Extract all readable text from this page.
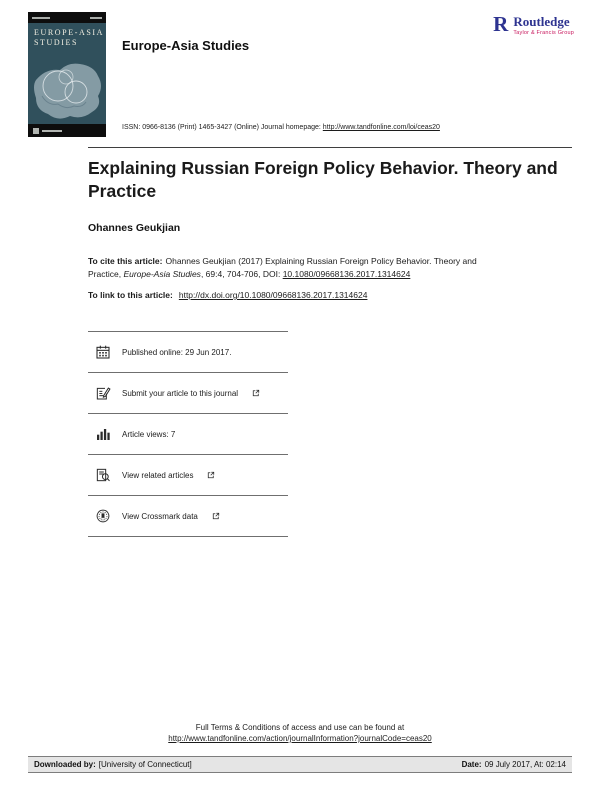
EUROPE-ASIA
STUDIES	Europe-Asia Studies
R Routledge
Taylor & Francis Group
ISSN: 0966-8136 (Print) 1465-3427 (Online) Journal homepage: http://www.tandfonline.com/loi/ceas20
Explaining Russian Foreign Policy Behavior. Theory and Practice
Ohannes Geukjian

To cite this article: Ohannes Geukjian (2017) Explaining Russian Foreign Policy Behavior. Theory and Practice, Europe-Asia Studies, 69:4, 704-706, DOI: 10.1080/09668136.2017.1314624

To link to this article: http://dx.doi.org/10.1080/09668136.2017.1314624

Published online: 29 Jun 2017.
Submit your article to this journal
Article views: 7
View related articles
View Crossmark data
Full Terms & Conditions of access and use can be found at
http://www.tandfonline.com/action/journalInformation?journalCode=ceas20
Downloaded by: [University of Connecticut]	Date: 09 July 2017, At: 02:14
